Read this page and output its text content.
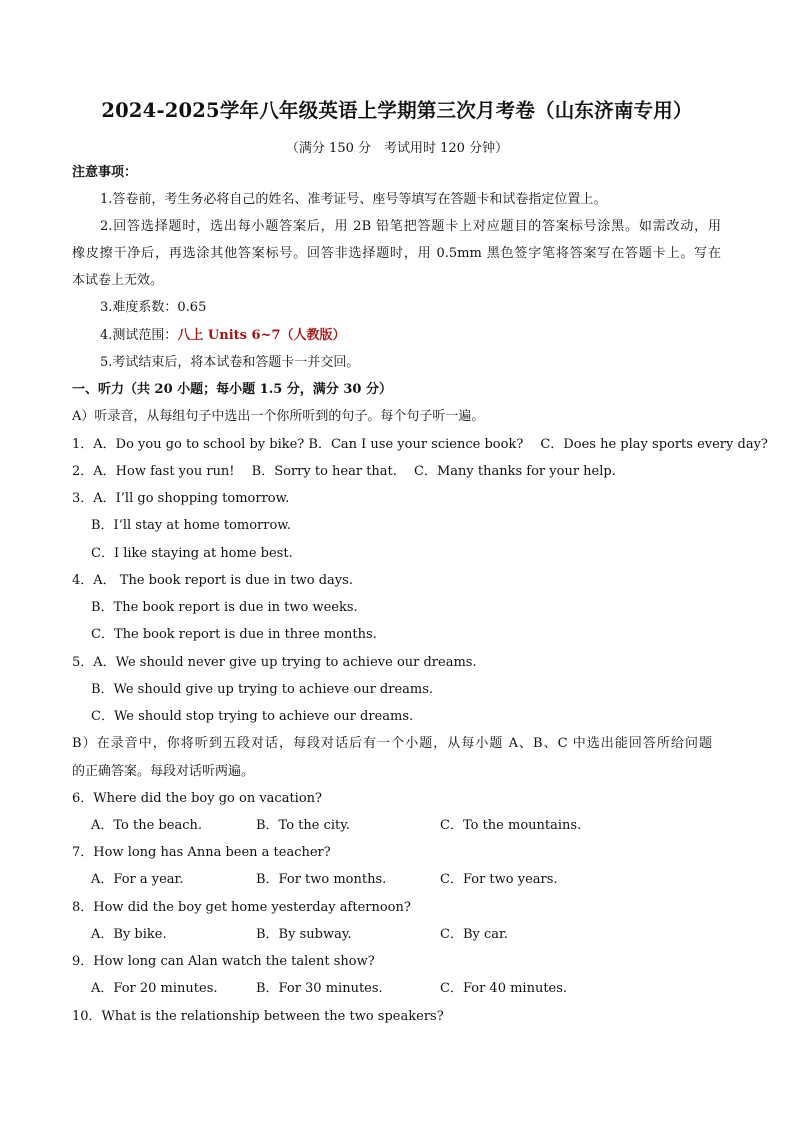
2024-2025学年八年级英语上学期第三次月考卷（山东济南专用）
（满分 150 分　考试用时 120 分钟）
注意事项：
1.答卷前，考生务必将自己的姓名、准考证号、座号等填写在答题卡和试卷指定位置上。
2.回答选择题时，选出每小题答案后，用 2B 铅笔把答题卡上对应题目的答案标号涂黑。如需改动，用
橡皮擦干净后，再选涂其他答案标号。回答非选择题时，用 0.5mm 黑色签字笔将答案写在答题卡上。写在
本试卷上无效。
3.难度系数：0.65
4.测试范围：八上 Units 6~7（人教版）
5.考试结束后，将本试卷和答题卡一并交回。
一、听力（共 20 小题；每小题 1.5 分，满分 30 分）
A）听录音，从每组句子中选出一个你所听到的句子。每个句子听一遍。
1．A．Do you go to school by bike? B．Can I use your science book?　 C．Does he play sports every day?
2．A．How fast you run!　 B．Sorry to hear that.　 C．Many thanks for your help.
3．A．I’ll go shopping tomorrow.
B．I’ll stay at home tomorrow.
C．I like staying at home best.
4．A． The book report is due in two days.
B．The book report is due in two weeks.
C．The book report is due in three months.
5．A．We should never give up trying to achieve our dreams.
B．We should give up trying to achieve our dreams.
C．We should stop trying to achieve our dreams.
B）在录音中，你将听到五段对话，每段对话后有一个小题，从每小题 A、B、C 中选出能回答所给问题
的正确答案。每段对话听两遍。
6．Where did the boy go on vacation?
A．To the beach.	B．To the city.	C．To the mountains.
7．How long has Anna been a teacher?
A．For a year.	B．For two months.	C．For two years.
8．How did the boy get home yesterday afternoon?
A．By bike.	B．By subway.	C．By car.
9．How long can Alan watch the talent show?
A．For 20 minutes.	B．For 30 minutes.	C．For 40 minutes.
10．What is the relationship between the two speakers?
